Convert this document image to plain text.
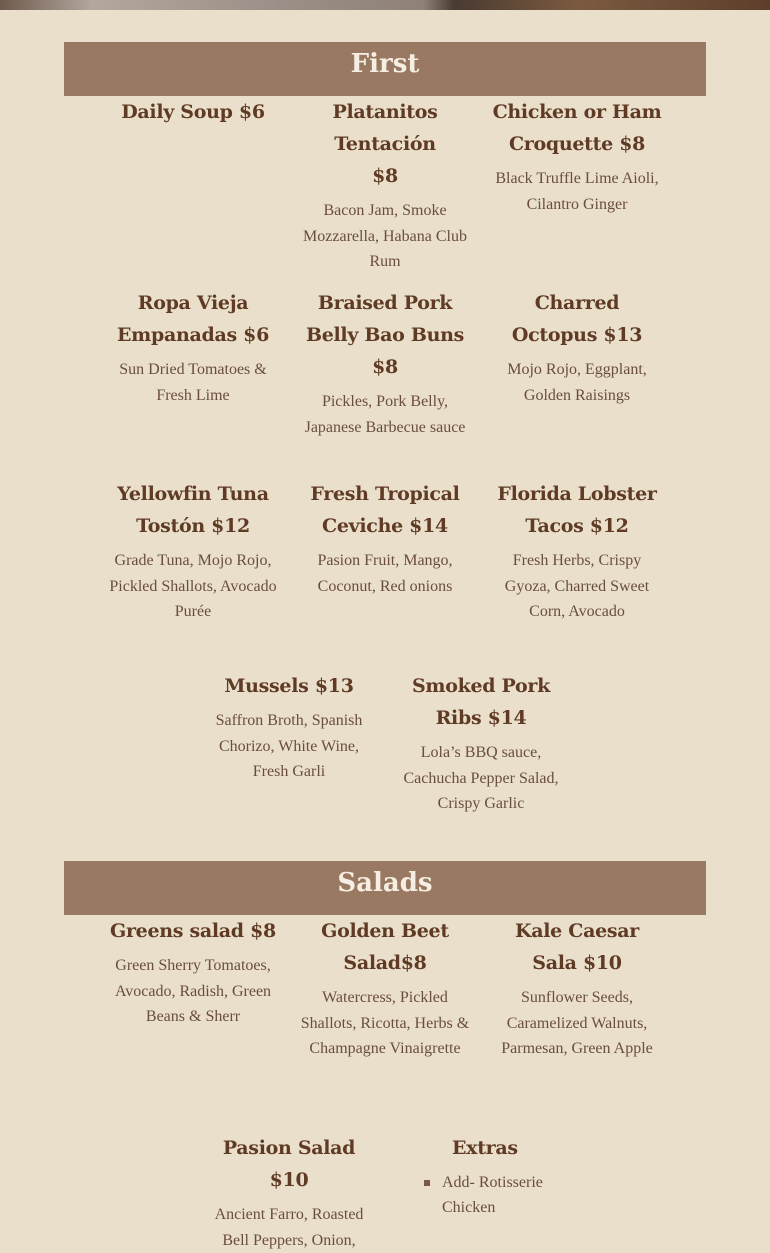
First
Daily Soup $6	Platanitos Tentación $8
Bacon Jam, Smoke Mozzarella, Habana Club Rum
Chicken or Ham Croquette $8
Black Truffle Lime Aioli, Cilantro Ginger
Ropa Vieja Empanadas $6
Sun Dried Tomatoes & Fresh Lime
Braised Pork Belly Bao Buns $8
Pickles, Pork Belly, Japanese Barbecue sauce
Charred Octopus $13
Mojo Rojo, Eggplant, Golden Raisings
Yellowfin Tuna Tostón $12
Grade Tuna, Mojo Rojo, Pickled Shallots, Avocado Purée
Fresh Tropical Ceviche $14
Pasion Fruit, Mango, Coconut, Red onions
Florida Lobster Tacos $12
Fresh Herbs, Crispy Gyoza, Charred Sweet Corn, Avocado
Mussels $13
Saffron Broth, Spanish Chorizo, White Wine, Fresh Garli
Smoked Pork Ribs $14
Lola’s BBQ sauce, Cachucha Pepper Salad, Crispy Garlic
Salads
Greens salad $8
Green Sherry Tomatoes, Avocado, Radish, Green Beans & Sherr
Golden Beet Salad$8
Watercress, Pickled Shallots, Ricotta, Herbs & Champagne Vinaigrette
Kale Caesar Sala $10
Sunflower Seeds, Caramelized Walnuts, Parmesan, Green Apple
Pasion Salad $10
Ancient Farro, Roasted Bell Peppers, Onion,
Extras
Add- Rotisserie Chicken
